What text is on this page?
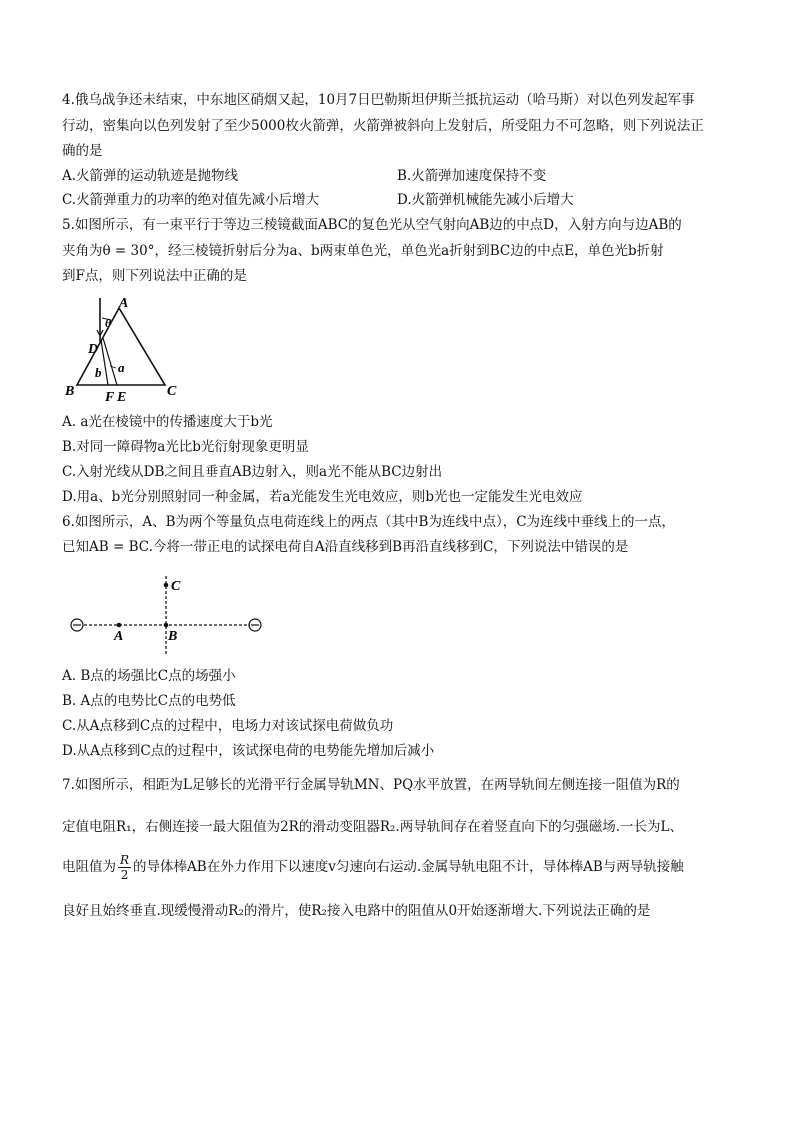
4.俄乌战争还未结束，中东地区硝烟又起，10月7日巴勒斯坦伊斯兰抵抗运动（哈马斯）对以色列发起军事
行动，密集向以色列发射了至少5000枚火箭弹，火箭弹被斜向上发射后，所受阻力不可忽略，则下列说法正
确的是
A.火箭弹的运动轨迹是抛物线	B.火箭弹加速度保持不变
C.火箭弹重力的功率的绝对值先减小后增大	D.火箭弹机械能先减小后增大
5.如图所示，有一束平行于等边三棱镜截面ABC的复色光从空气射向AB边的中点D，入射方向与边AB的
夹角为θ = 30°，经三棱镜折射后分为a、b两束单色光，单色光a折射到BC边的中点E，单色光b折射
到F点，则下列说法中正确的是
A
θ
D
b a
B F E	C
A. a光在棱镜中的传播速度大于b光
B.对同一障碍物a光比b光衍射现象更明显
C.入射光线从DB之间且垂直AB边射入，则a光不能从BC边射出
D.用a、b光分别照射同一种金属，若a光能发生光电效应，则b光也一定能发生光电效应
6.如图所示，A、B为两个等量负点电荷连线上的两点（其中B为连线中点），C为连线中垂线上的一点，
已知AB = BC.今将一带正电的试探电荷自A沿直线移到B再沿直线移到C，下列说法中错误的是
C
A	B
A. B点的场强比C点的场强小
B. A点的电势比C点的电势低
C.从A点移到C点的过程中，电场力对该试探电荷做负功
D.从A点移到C点的过程中，该试探电荷的电势能先增加后减小
7.如图所示，相距为L足够长的光滑平行金属导轨MN、PQ水平放置，在两导轨间左侧连接一阻值为R的
定值电阻R₁，右侧连接一最大阻值为2R的滑动变阻器R₂.两导轨间存在着竖直向下的匀强磁场.一长为L、
电阻值为 $\frac{R}{2}$ 的导体棒AB在外力作用下以速度v匀速向右运动.金属导轨电阻不计，导体棒AB与两导轨接触
良好且始终垂直.现缓慢滑动R₂的滑片，使R₂接入电路中的阻值从0开始逐渐增大.下列说法正确的是
